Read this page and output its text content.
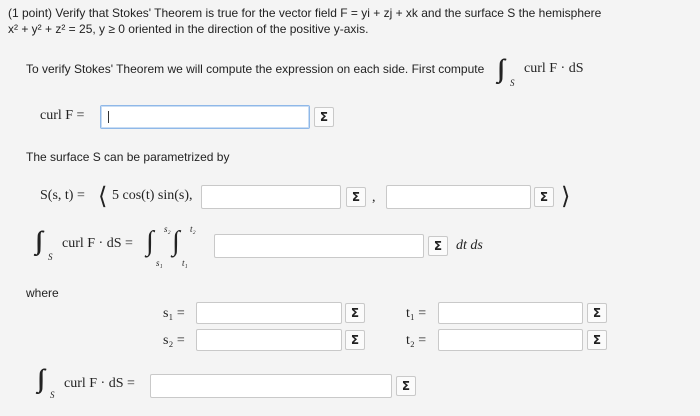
(1 point) Verify that Stokes' Theorem is true for the vector field F = yi + zj + xk and the surface S the hemisphere
x² + y² + z² = 25, y ≥ 0 oriented in the direction of the positive y-axis.
To verify Stokes' Theorem we will compute the expression on each side. First compute
S
curl F · dS
curl F =	Σ
The surface S can be parametrized by
S(s, t) = ⟨ 5 cos(t) sin(s),	Σ ,	Σ ⟩
S
curl F · dS =
s₂
s₁
t₂
t₁
Σ dt ds
where
s₁ =	Σ	t₁ =	Σ
s₂ =	Σ	t₂ =	Σ
S
curl F · dS =	Σ
